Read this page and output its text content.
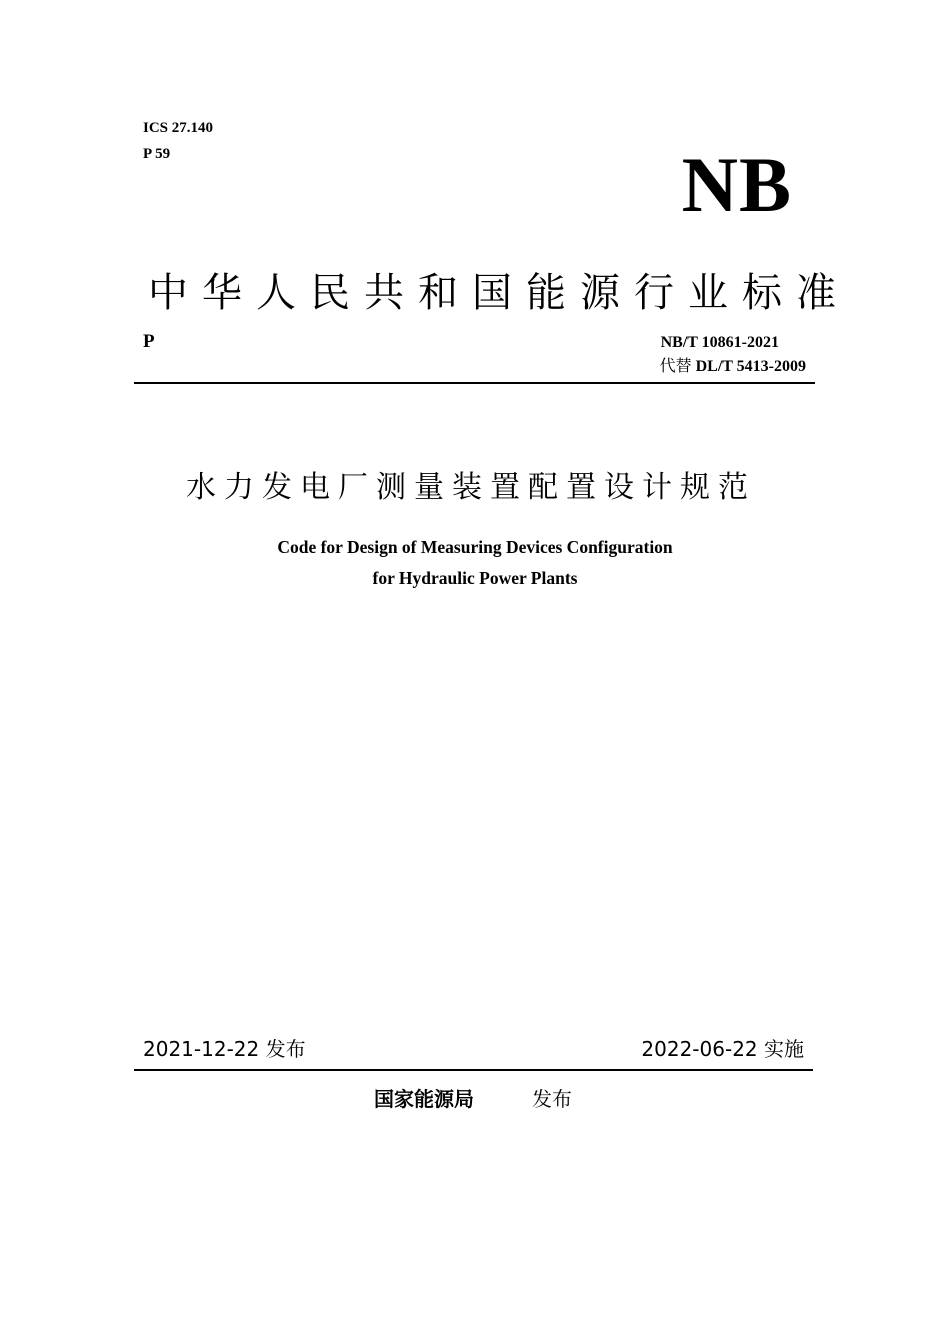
ICS 27.140
P 59	NB
中华人民共和国能源行业标准
P	NB/T 10861-2021
代替 DL/T 5413-2009
水力发电厂测量装置配置设计规范
Code for Design of Measuring Devices Configuration
for Hydraulic Power Plants
2021-12-22 发布	2022-06-22 实施
国家能源局	发布
